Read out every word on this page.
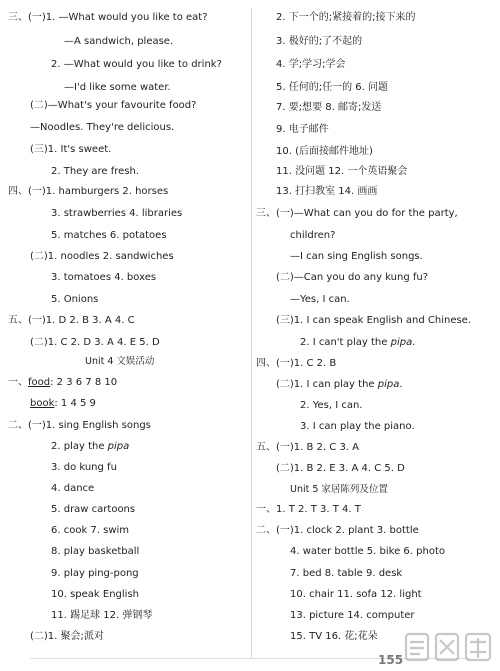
三、(一)1. —What would you like to eat?
—A sandwich, please.
2. —What would you like to drink?
—I'd like some water.
(二)—What's your favourite food?
—Noodles. They're delicious.
(三)1. It's sweet.
2. They are fresh.
四、(一)1. hamburgers 2. horses
3. strawberries 4. libraries
5. matches 6. potatoes
(二)1. noodles 2. sandwiches
3. tomatoes 4. boxes
5. Onions
五、(一)1. D 2. B 3. A 4. C
(二)1. C 2. D 3. A 4. E 5. D
Unit 4 文娱活动
一、food: 2 3 6 7 8 10
book: 1 4 5 9
二、(一)1. sing English songs
2. play the pipa
3. do kung fu
4. dance
5. draw cartoons
6. cook 7. swim
8. play basketball
9. play ping-pong
10. speak English
11. 踢足球 12. 弹钢琴
(二)1. 聚会;派对
2. 下一个的;紧接着的;接下来的
3. 极好的;了不起的
4. 学;学习;学会
5. 任何的;任一的 6. 问题
7. 要;想要 8. 邮寄;发送
9. 电子邮件
10. (后面接邮件地址)
11. 没问题 12. 一个英语聚会
13. 打扫教室 14. 画画
三、(一)—What can you do for the party,
children?
—I can sing English songs.
(二)—Can you do any kung fu?
—Yes, I can.
(三)1. I can speak English and Chinese.
2. I can't play the pipa.
四、(一)1. C 2. B
(二)1. I can play the pipa.
2. Yes, I can.
3. I can play the piano.
五、(一)1. B 2. C 3. A
(二)1. B 2. E 3. A 4. C 5. D
Unit 5 家居陈列及位置
一、1. T 2. T 3. T 4. T
二、(一)1. clock 2. plant 3. bottle
4. water bottle 5. bike 6. photo
7. bed 8. table 9. desk
10. chair 11. sofa 12. light
13. picture 14. computer
15. TV 16. 花;花朵
155
